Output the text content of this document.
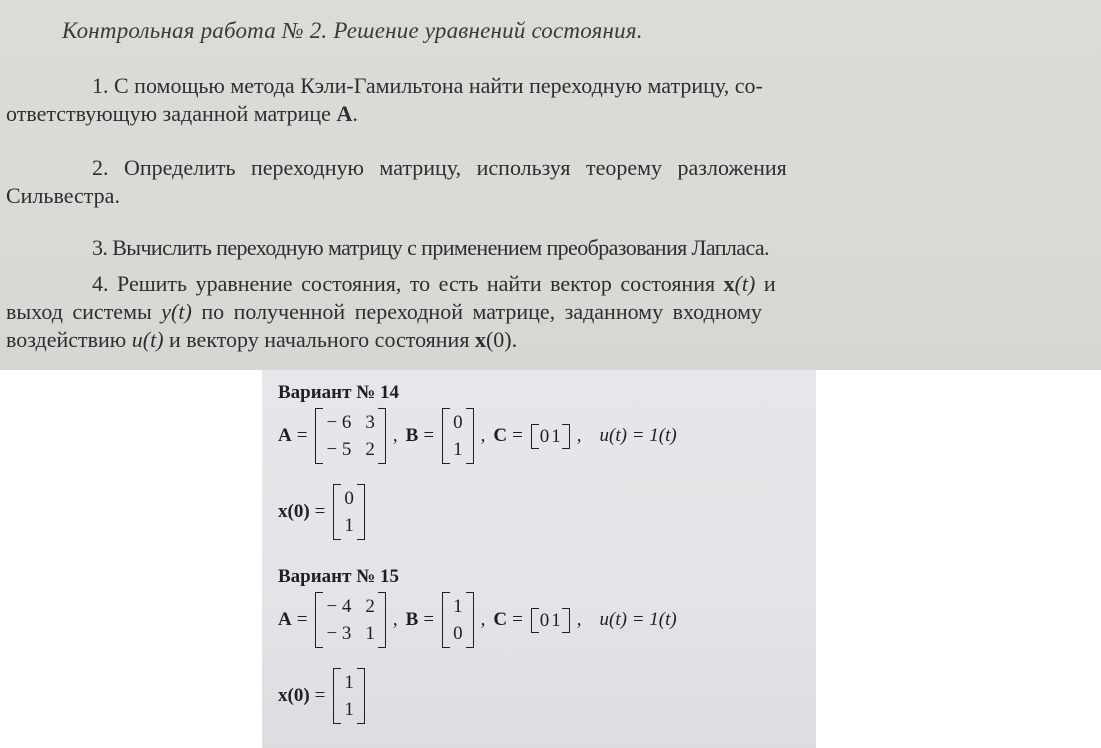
Контрольная работа № 2. Решение уравнений состояния.
1. С помощью метода Кэли-Гамильтона найти переходную матрицу, со-
ответствующую заданной матрице A.
2. Определить переходную матрицу, используя теорему разложения
Сильвестра.
3. Вычислить переходную матрицу с применением преобразования Лапласа.
4. Решить уравнение состояния, то есть найти вектор состояния x(t) и
выход системы y(t) по полученной переходной матрице, заданному входному
воздействию u(t) и вектору начального состояния x(0).
Вариант № 14
A =
− 6 3
− 5 2
, B =
0
1
, C = 0 1 , u(t) = 1(t)
x(0) =
0
1
Вариант № 15
A =
− 4 2
− 3 1
, B =
1
0
, C = 0 1 , u(t) = 1(t)
x(0) =
1
1
